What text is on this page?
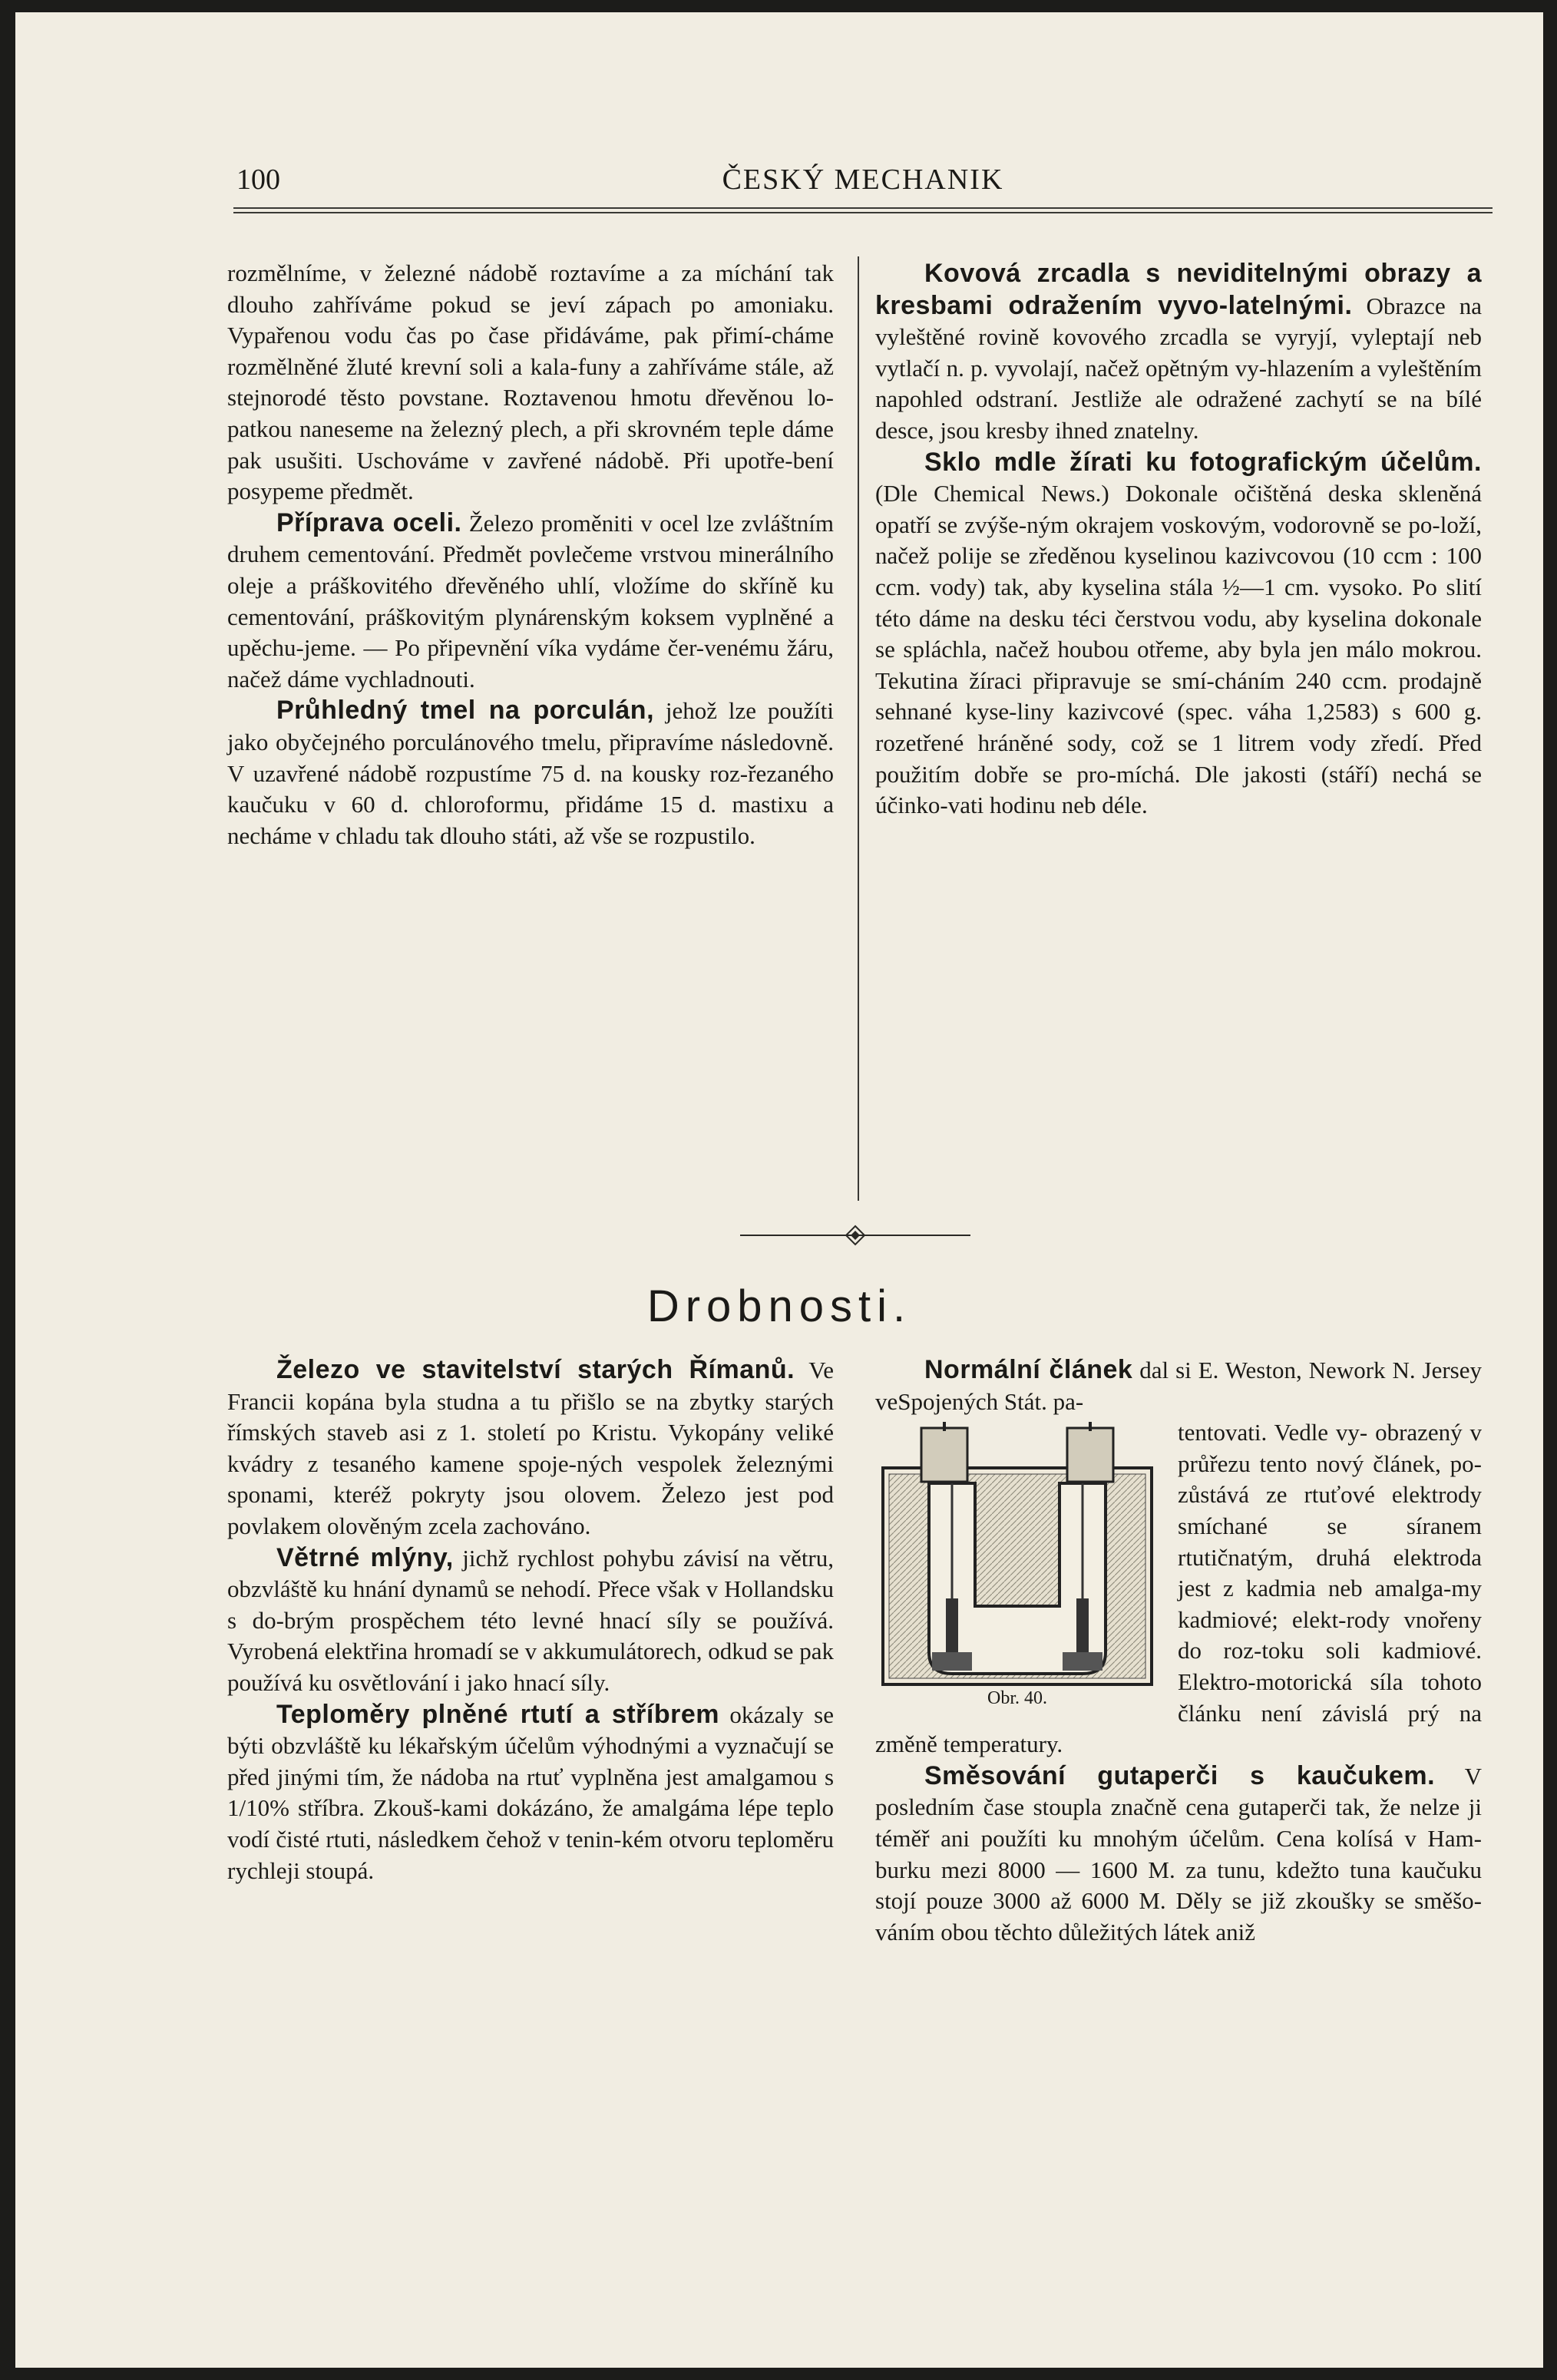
100	ČESKÝ MECHANIK

rozmělníme, v železné nádobě roztavíme a za míchání tak dlouho zahříváme pokud se jeví zápach po amoniaku. Vypařenou vodu čas po čase přidáváme, pak přimí-cháme rozmělněné žluté krevní soli a kala-funy a zahříváme stále, až stejnorodé těsto povstane. Roztavenou hmotu dřevěnou lo-patkou naneseme na železný plech, a při skrovném teple dáme pak usušiti. Uschováme v zavřené nádobě. Při upotře-bení posypeme předmět.

Příprava oceli. Železo proměniti v ocel lze zvláštním druhem cementování. Předmět povlečeme vrstvou minerálního oleje a práškovitého dřevěného uhlí, vložíme do skříně ku cementování, práškovitým plynárenským koksem vyplněné a upěchu-jeme. — Po připevnění víka vydáme čer-venému žáru, načež dáme vychladnouti.

Průhledný tmel na porculán, jehož lze použíti jako obyčejného porculánového tmelu, připravíme následovně. V uzavřené nádobě rozpustíme 75 d. na kousky roz-řezaného kaučuku v 60 d. chloroformu, přidáme 15 d. mastixu a necháme v chladu tak dlouho státi, až vše se rozpustilo.

Kovová zrcadla s neviditelnými obrazy a kresbami odražením vyvo-latelnými. Obrazce na vyleštěné rovině kovového zrcadla se vyryjí, vyleptají neb vytlačí n. p. vyvolají, načež opětným vy-hlazením a vyleštěním napohled odstraní. Jestliže ale odražené zachytí se na bílé desce, jsou kresby ihned znatelny.

Sklo mdle žírati ku fotografickým účelům. (Dle Chemical News.) Dokonale očištěná deska skleněná opatří se zvýše-ným okrajem voskovým, vodorovně se po-loží, načež polije se zředěnou kyselinou kazivcovou (10 ccm : 100 ccm. vody) tak, aby kyselina stála ½—1 cm. vysoko. Po slití této dáme na desku téci čerstvou vodu, aby kyselina dokonale se spláchla, načež houbou otřeme, aby byla jen málo mokrou. Tekutina žíraci připravuje se smí-cháním 240 ccm. prodajně sehnané kyse-liny kazivcové (spec. váha 1,2583) s 600 g. rozetřené hráněné sody, což se 1 litrem vody zředí. Před použitím dobře se pro-míchá. Dle jakosti (stáří) nechá se účinko-vati hodinu neb déle.

Drobnosti.

Železo ve stavitelství starých Římanů. Ve Francii kopána byla studna a tu přišlo se na zbytky starých římských staveb asi z 1. století po Kristu. Vykopány veliké kvádry z tesaného kamene spoje-ných vespolek železnými sponami, kteréž pokryty jsou olovem. Železo jest pod povlakem olověným zcela zachováno.

Větrné mlýny, jichž rychlost pohybu závisí na větru, obzvláště ku hnání dynamů se nehodí. Přece však v Hollandsku s do-brým prospěchem této levné hnací síly se používá. Vyrobená elektřina hromadí se v akkumulátorech, odkud se pak používá ku osvětlování i jako hnací síly.

Teploměry plněné rtutí a stříbrem okázaly se býti obzvláště ku lékařským účelům výhodnými a vyznačují se před jinými tím, že nádoba na rtuť vyplněna jest amalgamou s 1/10% stříbra. Zkouš-kami dokázáno, že amalgáma lépe teplo vodí čisté rtuti, následkem čehož v tenin-kém otvoru teploměru rychleji stoupá.

Normální článek dal si E. Weston, Nework N. Jersey veSpojených Stát. pa-

Obr. 40.

tentovati. Vedle vy- obrazený v průřezu tento nový článek, po-zůstává ze rtuťové elektrody smíchané se síranem rtutičnatým, druhá elektroda jest z kadmia neb amalga-my kadmiové; elekt-rody vnořeny do roz-toku soli kadmiové. Elektro-motorická síla tohoto článku není závislá prý na změně temperatury.

Směsování gutaperči s kaučukem. V posledním čase stoupla značně cena gutaperči tak, že nelze ji téměř ani použíti ku mnohým účelům. Cena kolísá v Ham-burku mezi 8000 — 1600 M. za tunu, kdežto tuna kaučuku stojí pouze 3000 až 6000 M. Děly se již zkoušky se směšo-váním obou těchto důležitých látek aniž
